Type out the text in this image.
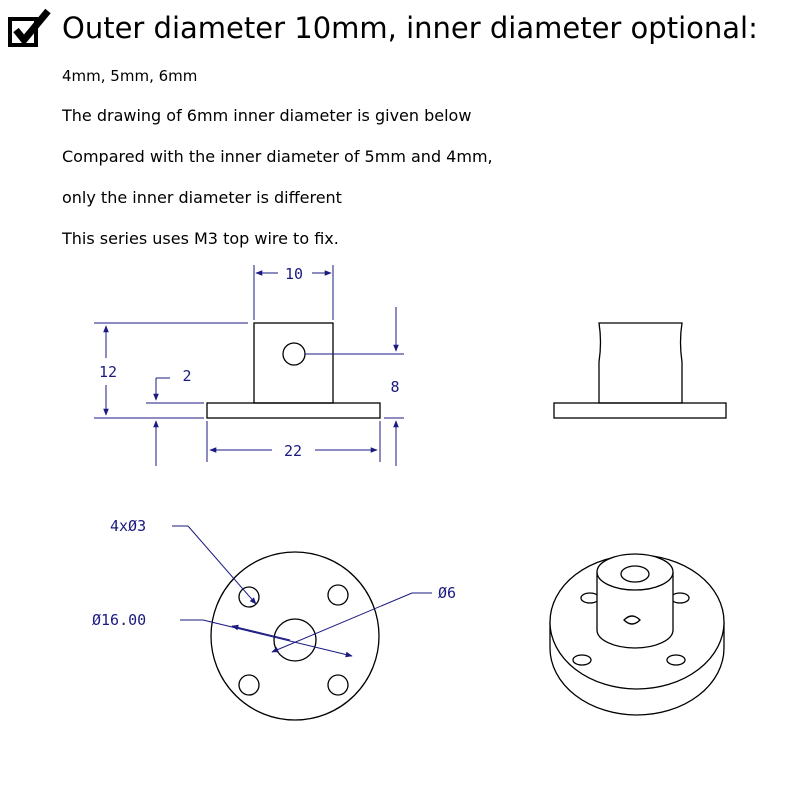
Outer diameter 10mm, inner diameter optional:
4mm, 5mm, 6mm
The drawing of 6mm inner diameter is given below
Compared with the inner diameter of 5mm and 4mm,
only the inner diameter is different
This series uses M3 top wire to fix.
10
12	2
8
22
4xØ3
Ø6
Ø16.00
